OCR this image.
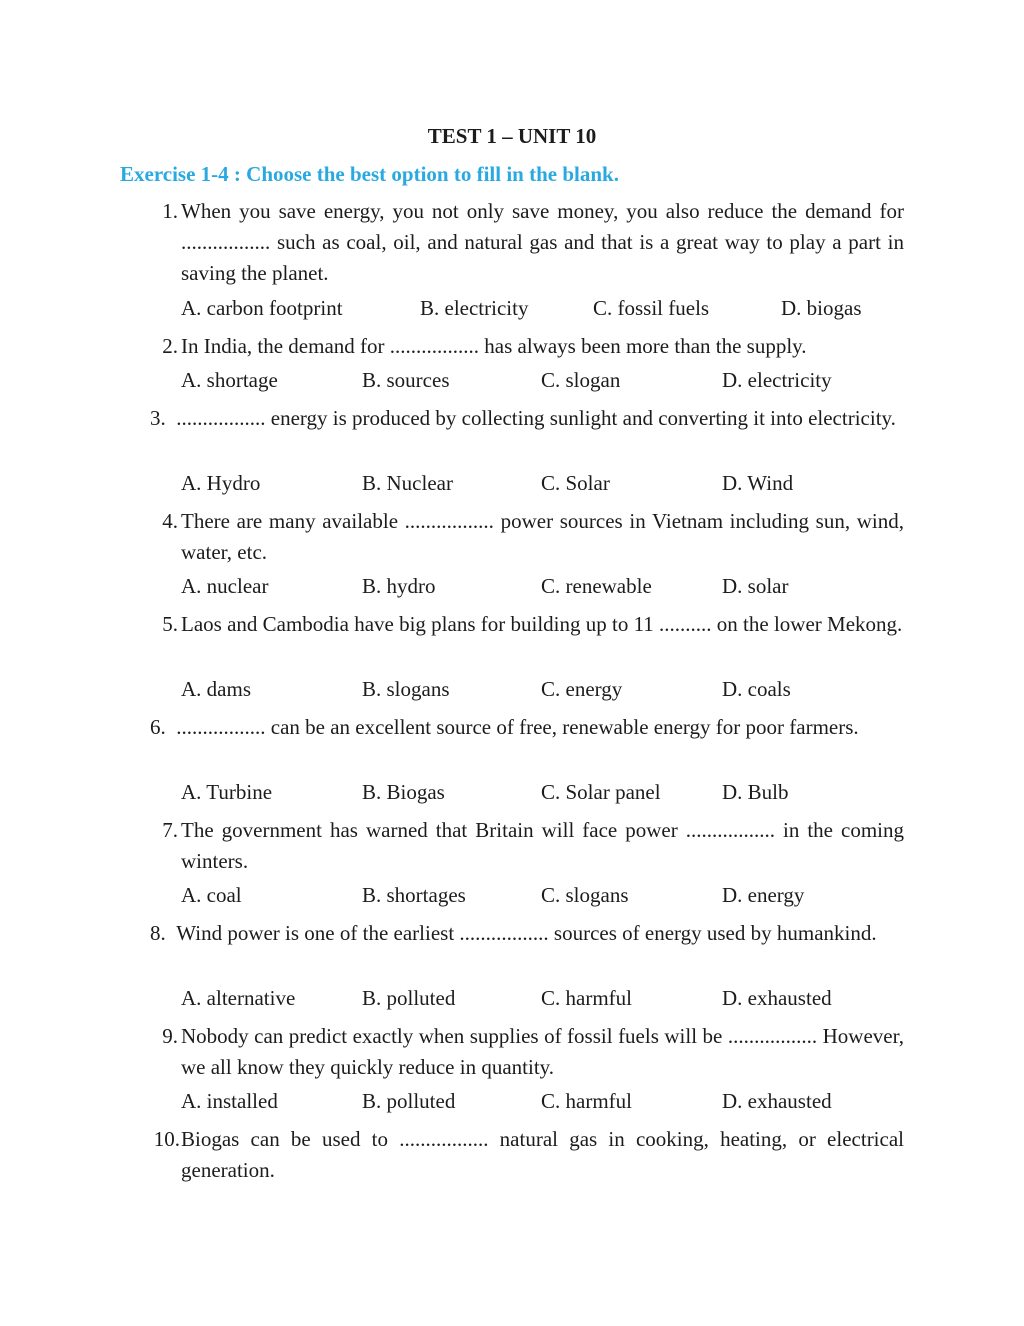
TEST 1 – UNIT 10
Exercise 1-4 : Choose the best option to fill in the blank.
1. When you save energy, you not only save money, you also reduce the demand for ................. such as coal, oil, and natural gas and that is a great way to play a part in saving the planet.
A. carbon footprint	B. electricity	C. fossil fuels	D. biogas
2. In India, the demand for ................. has always been more than the supply.
A. shortage	B. sources	C. slogan	D. electricity
3. ................. energy is produced by collecting sunlight and converting it into electricity.
A. Hydro	B. Nuclear	C. Solar	D. Wind
4. There are many available ................. power sources in Vietnam including sun, wind, water, etc.
A. nuclear	B. hydro	C. renewable	D. solar
5. Laos and Cambodia have big plans for building up to 11 .......... on the lower Mekong.
A. dams	B. slogans	C. energy	D. coals
6. ................. can be an excellent source of free, renewable energy for poor farmers.
A. Turbine	B. Biogas	C. Solar panel	D. Bulb
7. The government has warned that Britain will face power ................. in the coming winters.
A. coal	B. shortages	C. slogans	D. energy
8. Wind power is one of the earliest ................. sources of energy used by humankind.
A. alternative	B. polluted	C. harmful	D. exhausted
9. Nobody can predict exactly when supplies of fossil fuels will be ................. However, we all know they quickly reduce in quantity.
A. installed	B. polluted	C. harmful	D. exhausted
10. Biogas can be used to ................. natural gas in cooking, heating, or electrical generation.
